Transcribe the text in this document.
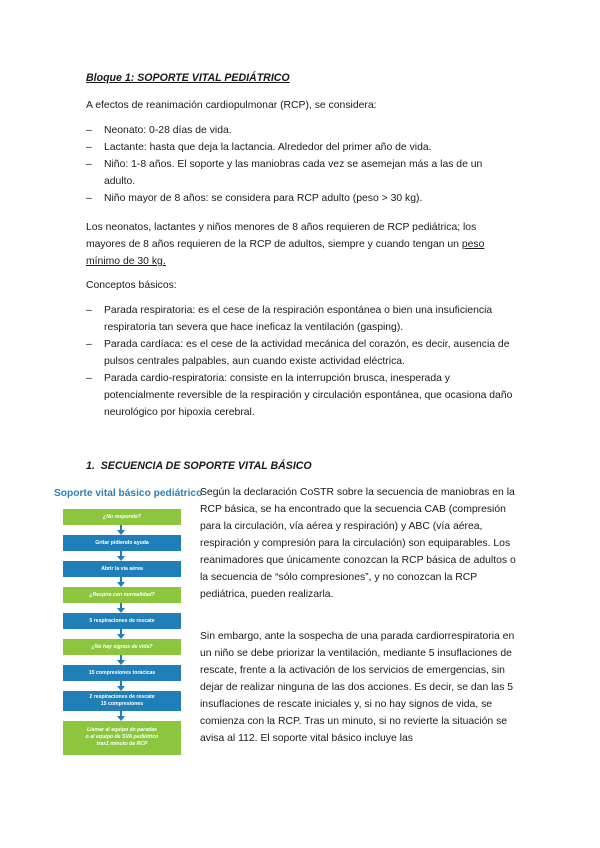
Bloque 1: SOPORTE VITAL PEDIÁTRICO
A efectos de reanimación cardiopulmonar (RCP), se considera:
– Neonato: 0-28 días de vida.
– Lactante: hasta que deja la lactancia. Alrededor del primer año de vida.
– Niño: 1-8 años. El soporte y las maniobras cada vez se asemejan más a las de un adulto.
– Niño mayor de 8 años: se considera para RCP adulto (peso > 30 kg).
Los neonatos, lactantes y niños menores de 8 años requieren de RCP pediátrica; los mayores de 8 años requieren de la RCP de adultos, siempre y cuando tengan un peso mínimo de 30 kg.
Conceptos básicos:
– Parada respiratoria: es el cese de la respiración espontánea o bien una insuficiencia respiratoria tan severa que hace ineficaz la ventilación (gasping).
– Parada cardíaca: es el cese de la actividad mecánica del corazón, es decir, ausencia de pulsos centrales palpables, aun cuando existe actividad eléctrica.
– Parada cardio-respiratoria: consiste en la interrupción brusca, inesperada y potencialmente reversible de la respiración y circulación espontánea, que ocasiona daño neurológico por hipoxia cerebral.
1. SECUENCIA DE SOPORTE VITAL BÁSICO
Soporte vital básico pediátrico
¿No responde?
Gritar pidiendo ayuda
Abrir la vía aérea
¿Respira con normalidad?
5 respiraciones de rescate
¿No hay signos de vida?
15 compresiones torácicas
2 respiraciones de rescate
15 compresiones
Llamar al equipo de paradas
o al equipo de SVA pediátrico
tras1 minuto de RCP
Según la declaración CoSTR sobre la secuencia de maniobras en la RCP básica, se ha encontrado que la secuencia CAB (compresión para la circulación, vía aérea y respiración) y ABC (vía aérea, respiración y compresión para la circulación) son equiparables. Los reanimadores que únicamente conozcan la RCP básica de adultos o la secuencia de “sólo compresiones”, y no conozcan la RCP pediátrica, pueden realizarla.
Sin embargo, ante la sospecha de una parada cardiorrespiratoria en un niño se debe priorizar la ventilación, mediante 5 insuflaciones de rescate, frente a la activación de los servicios de emergencias, sin dejar de realizar ninguna de las dos acciones. Es decir, se dan las 5 insuflaciones de rescate iniciales y, si no hay signos de vida, se comienza con la RCP. Tras un minuto, si no revierte la situación se avisa al 112. El soporte vital básico incluye las
